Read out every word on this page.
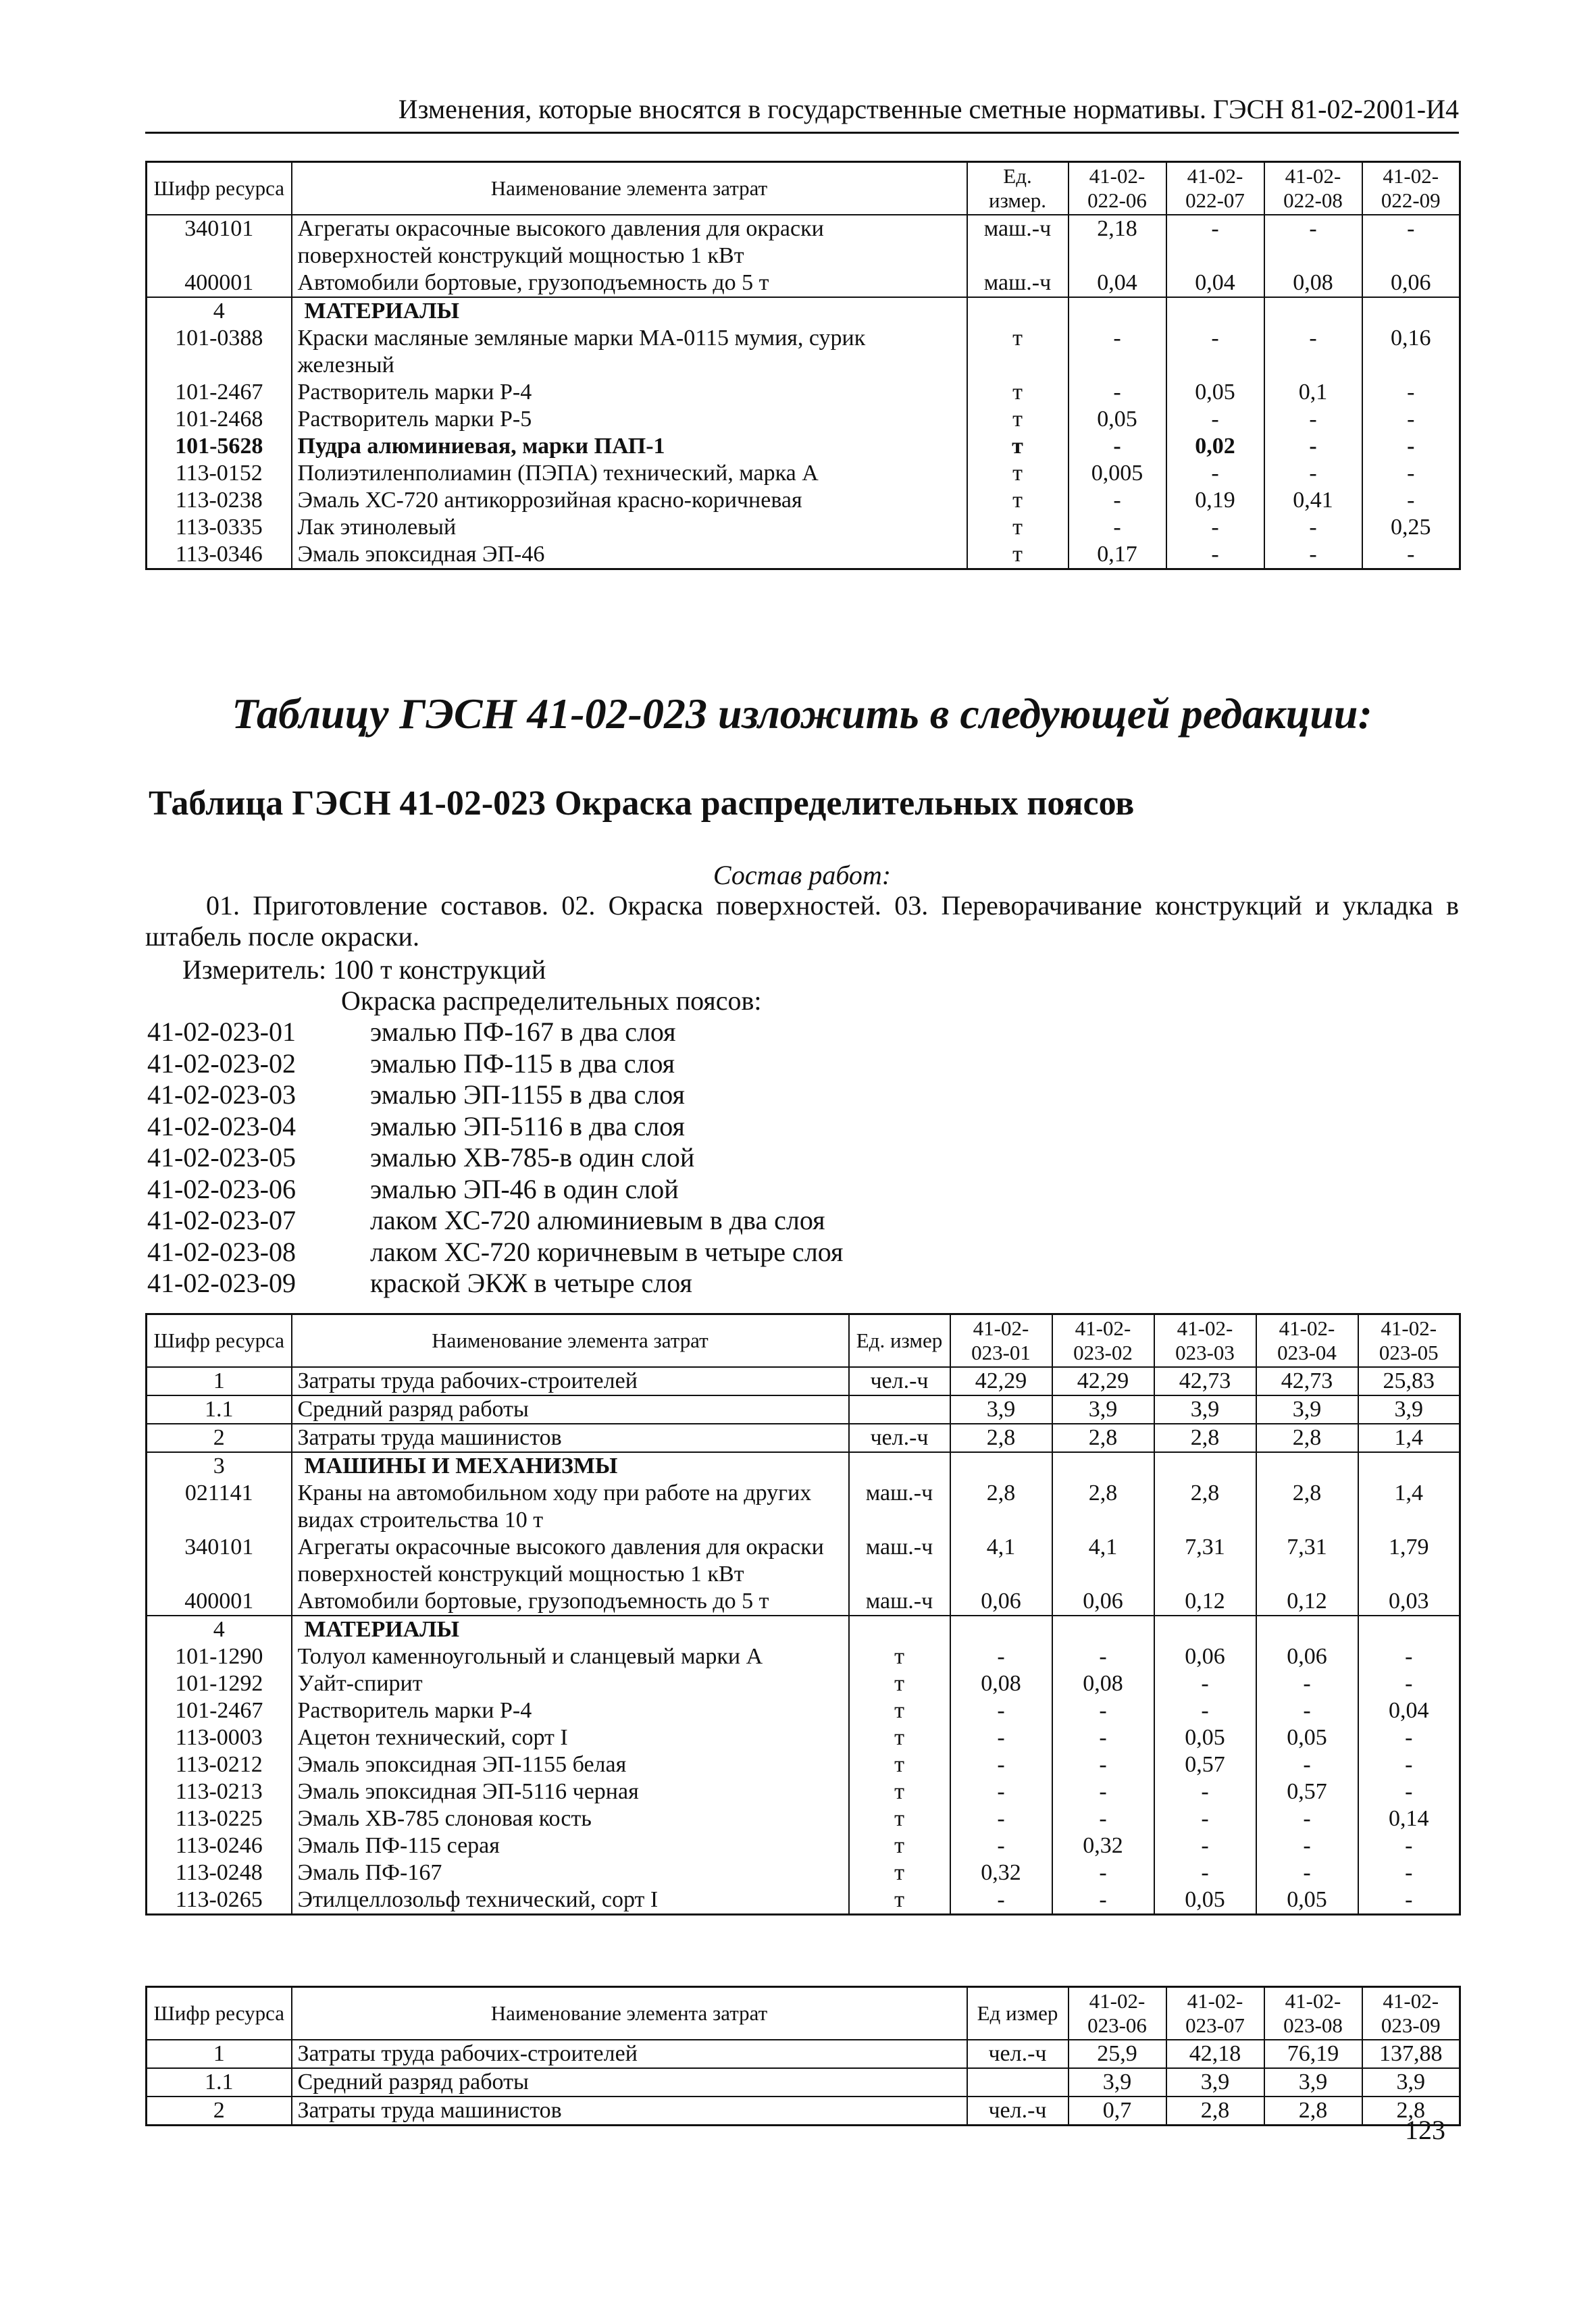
Изменения, которые вносятся в государственные сметные нормативы. ГЭСН 81-02-2001-И4
Шифр ресурса	Наименование элемента затрат	Ед. измер.	41-02-022-06	41-02-022-07	41-02-022-08	41-02-022-09
340101	Агрегаты окрасочные высокого давления для окраски поверхностей конструкций мощностью 1 кВт	маш.-ч	2,18	-	-	-
400001	Автомобили бортовые, грузоподъемность до 5 т	маш.-ч	0,04	0,04	0,08	0,06
4	МАТЕРИАЛЫ					
101-0388	Краски масляные земляные марки МА-0115 мумия, сурик железный	т	-	-	-	0,16
101-2467	Растворитель марки Р-4	т	-	0,05	0,1	-
101-2468	Растворитель марки Р-5	т	0,05	-	-	-
101-5628	Пудра алюминиевая, марки ПАП-1	т	-	0,02	-	-
113-0152	Полиэтиленполиамин (ПЭПА) технический, марка А	т	0,005	-	-	-
113-0238	Эмаль ХС-720 антикоррозийная красно-коричневая	т	-	0,19	0,41	-
113-0335	Лак этинолевый	т	-	-	-	0,25
113-0346	Эмаль эпоксидная ЭП-46	т	0,17	-	-	-
Таблицу ГЭСН 41-02-023 изложить в следующей редакции:
Таблица ГЭСН 41-02-023 Окраска распределительных поясов
Состав работ:
01. Приготовление составов. 02. Окраска поверхностей. 03. Переворачивание конструкций и укладка в штабель после окраски.
Измеритель: 100 т конструкций
Окраска распределительных поясов:
41-02-023-01	эмалью ПФ-167 в два слоя
41-02-023-02	эмалью ПФ-115 в два слоя
41-02-023-03	эмалью ЭП-1155 в два слоя
41-02-023-04	эмалью ЭП-5116 в два слоя
41-02-023-05	эмалью ХВ-785-в один слой
41-02-023-06	эмалью ЭП-46 в один слой
41-02-023-07	лаком ХС-720 алюминиевым в два слоя
41-02-023-08	лаком ХС-720 коричневым в четыре слоя
41-02-023-09	краской ЭКЖ в четыре слоя
Шифр ресурса	Наименование элемента затрат	Ед. измер	41-02-023-01	41-02-023-02	41-02-023-03	41-02-023-04	41-02-023-05
1	Затраты труда рабочих-строителей	чел.-ч	42,29	42,29	42,73	42,73	25,83
1.1	Средний разряд работы		3,9	3,9	3,9	3,9	3,9
2	Затраты труда машинистов	чел.-ч	2,8	2,8	2,8	2,8	1,4
3	МАШИНЫ И МЕХАНИЗМЫ						
021141	Краны на автомобильном ходу при работе на других видах строительства 10 т	маш.-ч	2,8	2,8	2,8	2,8	1,4
340101	Агрегаты окрасочные высокого давления для окраски поверхностей конструкций мощностью 1 кВт	маш.-ч	4,1	4,1	7,31	7,31	1,79
400001	Автомобили бортовые, грузоподъемность до 5 т	маш.-ч	0,06	0,06	0,12	0,12	0,03
4	МАТЕРИАЛЫ						
101-1290	Толуол каменноугольный и сланцевый марки А	т	-	-	0,06	0,06	-
101-1292	Уайт-спирит	т	0,08	0,08	-	-	-
101-2467	Растворитель марки Р-4	т	-	-	-	-	0,04
113-0003	Ацетон технический, сорт I	т	-	-	0,05	0,05	-
113-0212	Эмаль эпоксидная ЭП-1155 белая	т	-	-	0,57	-	-
113-0213	Эмаль эпоксидная ЭП-5116 черная	т	-	-	-	0,57	-
113-0225	Эмаль ХВ-785 слоновая кость	т	-	-	-	-	0,14
113-0246	Эмаль ПФ-115 серая	т	-	0,32	-	-	-
113-0248	Эмаль ПФ-167	т	0,32	-	-	-	-
113-0265	Этилцеллозольф технический, сорт I	т	-	-	0,05	0,05	-
Шифр ресурса	Наименование элемента затрат	Ед измер	41-02-023-06	41-02-023-07	41-02-023-08	41-02-023-09
1	Затраты труда рабочих-строителей	чел.-ч	25,9	42,18	76,19	137,88
1.1	Средний разряд работы		3,9	3,9	3,9	3,9
2	Затраты труда машинистов	чел.-ч	0,7	2,8	2,8	2,8
123
